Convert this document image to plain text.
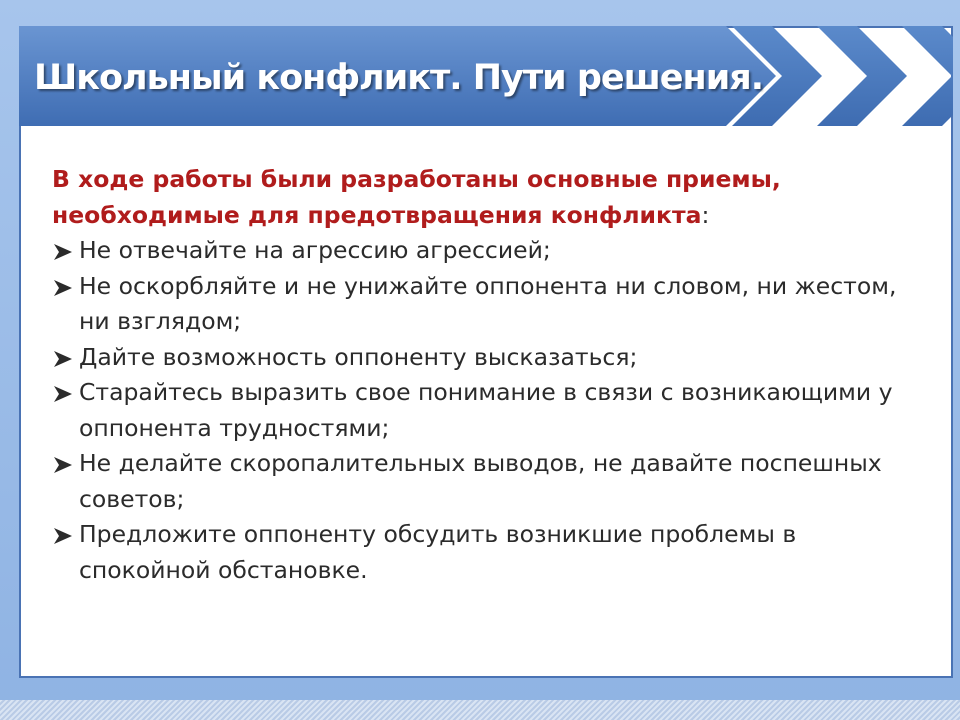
Школьный конфликт. Пути решения.

В ходе работы были разработаны основные приемы, необходимые для предотвращения конфликта:

Не отвечайте на агрессию агрессией;
Не оскорбляйте и не унижайте оппонента ни словом, ни жестом, ни взглядом;
Дайте возможность оппоненту высказаться;
Старайтесь выразить свое понимание в связи с возникающими у оппонента трудностями;
Не делайте скоропалительных выводов, не давайте поспешных советов;
Предложите оппоненту обсудить возникшие проблемы в спокойной обстановке.
